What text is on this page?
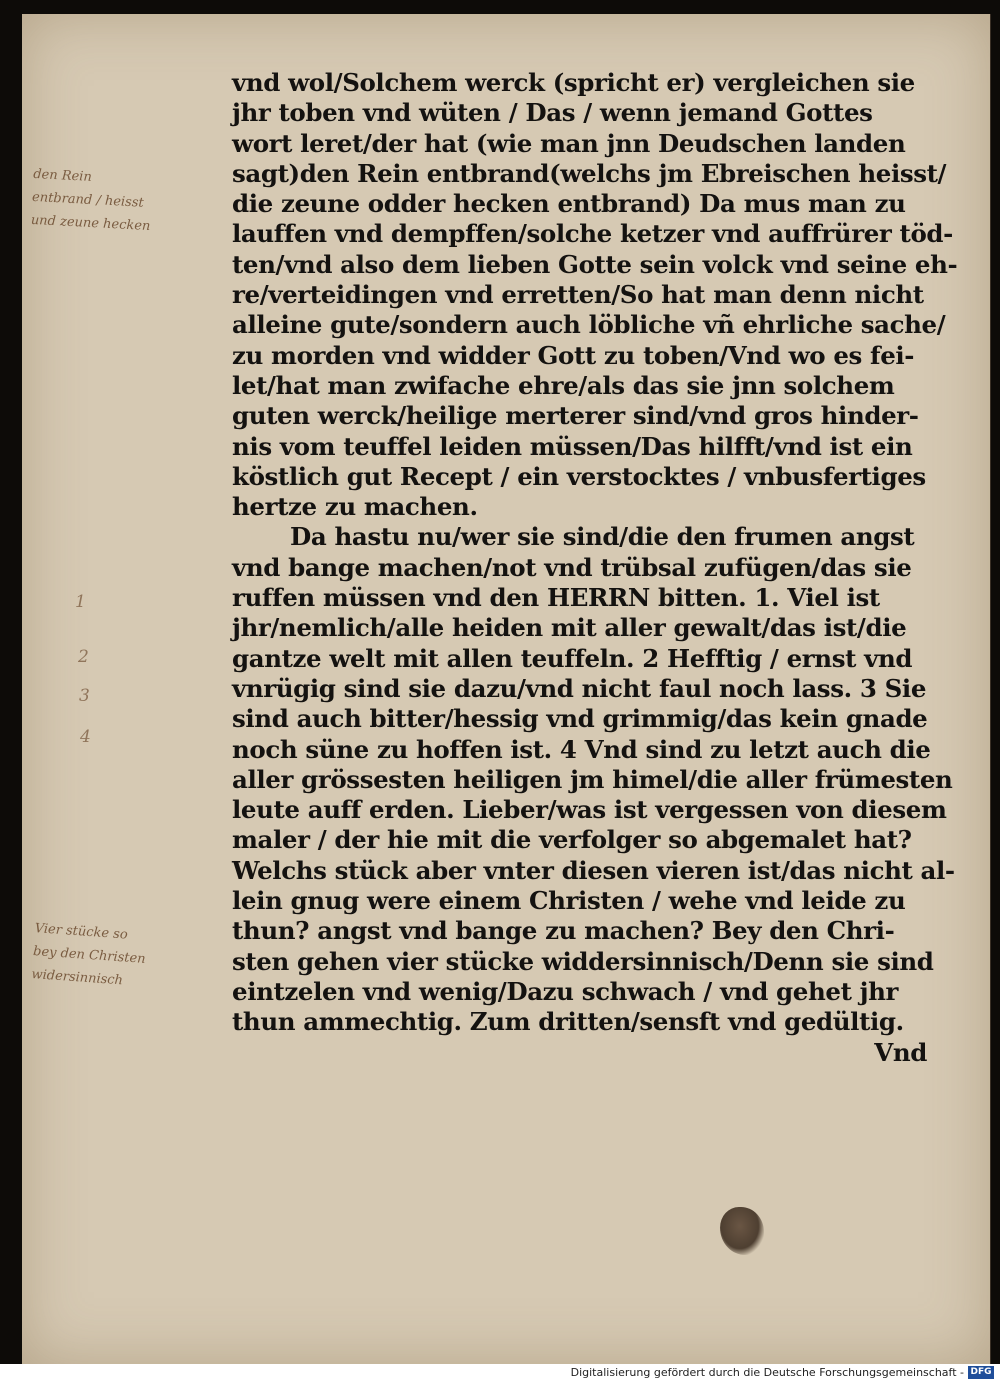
vnd wol/Solchem werck (spricht er) vergleichen sie
jhr toben vnd wüten / Das / wenn jemand Gottes
wort leret/der hat (wie man jnn Deudschen landen
sagt)den Rein entbrand(welchs jm Ebreischen heisst/
die zeune odder hecken entbrand) Da mus man zu
lauffen vnd dempffen/solche ketzer vnd auffrürer töd-
ten/vnd also dem lieben Gotte sein volck vnd seine eh-
re/verteidingen vnd erretten/So hat man denn nicht
alleine gute/sondern auch löbliche vñ ehrliche sache/
zu morden vnd widder Gott zu toben/Vnd wo es fei-
let/hat man zwifache ehre/als das sie jnn solchem
guten werck/heilige merterer sind/vnd gros hinder-
nis vom teuffel leiden müssen/Das hilfft/vnd ist ein
köstlich gut Recept / ein verstocktes / vnbusfertiges
hertze zu machen.
Da hastu nu/wer sie sind/die den frumen angst
vnd bange machen/not vnd trübsal zufügen/das sie
ruffen müssen vnd den HERRN bitten. 1. Viel ist
jhr/nemlich/alle heiden mit aller gewalt/das ist/die
gantze welt mit allen teuffeln. 2 Hefftig / ernst vnd
vnrügig sind sie dazu/vnd nicht faul noch lass. 3 Sie
sind auch bitter/hessig vnd grimmig/das kein gnade
noch süne zu hoffen ist. 4 Vnd sind zu letzt auch die
aller grössesten heiligen jm himel/die aller frümesten
leute auff erden. Lieber/was ist vergessen von diesem
maler / der hie mit die verfolger so abgemalet hat?
Welchs stück aber vnter diesen vieren ist/das nicht al-
lein gnug were einem Christen / wehe vnd leide zu
thun? angst vnd bange zu machen? Bey den Chri-
sten gehen vier stücke widdersinnisch/Denn sie sind
eintzelen vnd wenig/Dazu schwach / vnd gehet jhr
thun ammechtig. Zum dritten/sensft vnd gedültig.
Vnd
den Rein
entbrand / heisst
und zeune hecken
1
2
3
4
Vier stücke so
bey den Christen
widersinnisch
Digitalisierung gefördert durch die Deutsche Forschungsgemeinschaft - DFG
